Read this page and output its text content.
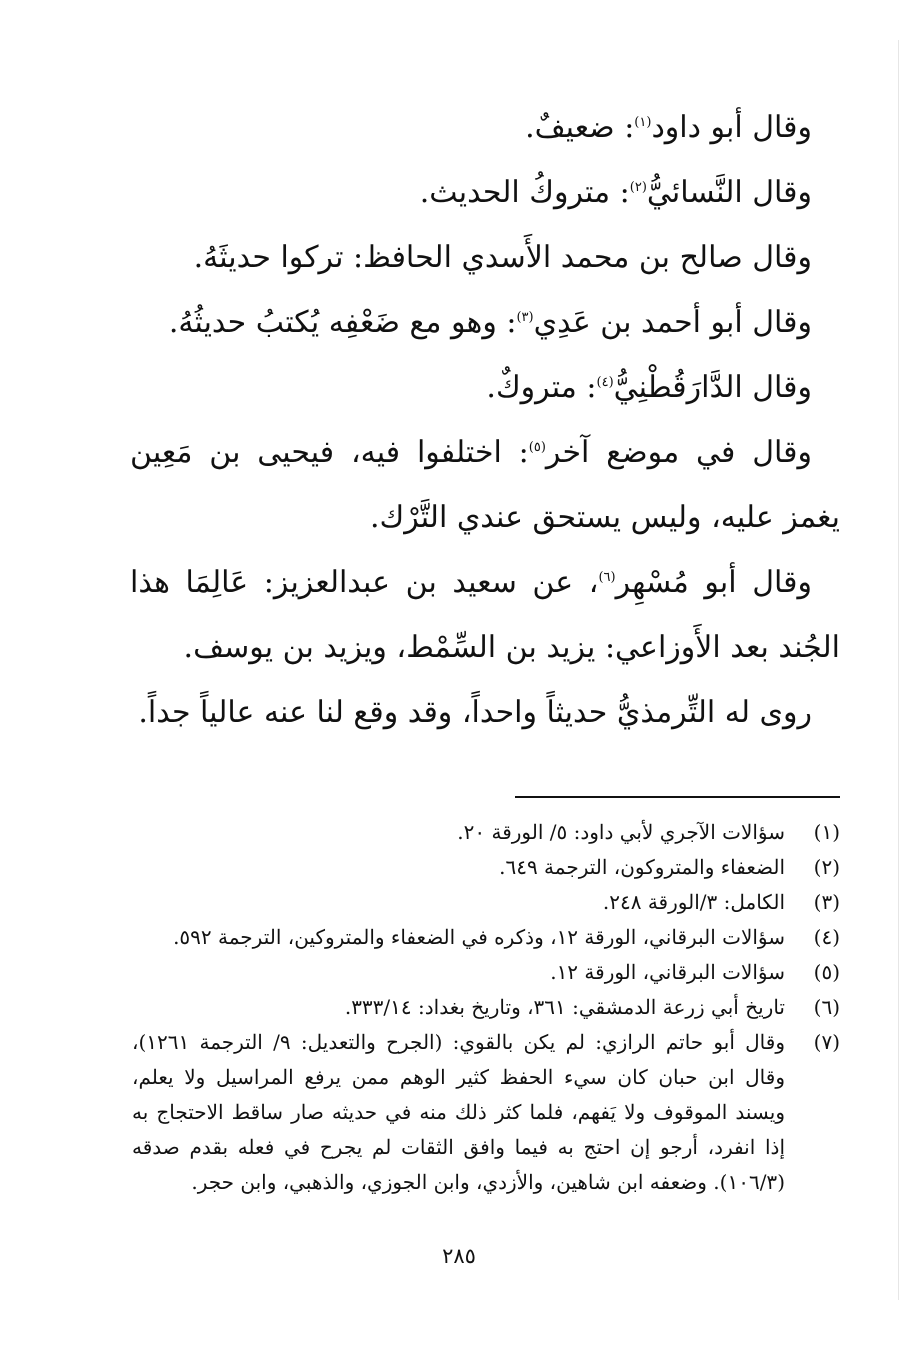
وقال أبو داود$^{(١)}$: ضعيفٌ.

وقال النَّسائيُّ$^{(٢)}$: متروكُ الحديث.

وقال صالح بن محمد الأَسدي الحافظ: تركوا حديثَهُ.

وقال أبو أحمد بن عَدِي$^{(٣)}$: وهو مع ضَعْفِه يُكتبُ حديثُهُ.

وقال الدَّارَقُطْنِيُّ$^{(٤)}$: متروكٌ.

وقال في موضع آخر$^{(٥)}$: اختلفوا فيه، فيحيى بن مَعِين يغمز عليه، وليس يستحق عندي التَّرْك.

وقال أبو مُسْهِر$^{(٦)}$، عن سعيد بن عبدالعزيز: عَالِمَا هذا الجُند بعد الأَوزاعي: يزيد بن السِّمْط، ويزيد بن يوسف.

روى له التِّرمذيُّ حديثاً واحداً، وقد وقع لنا عنه عالياً جداً.

(١)
سؤالات الآجري لأبي داود: ٥/ الورقة ٢٠.
(٢)
الضعفاء والمتروكون، الترجمة ٦٤٩.
(٣)
الكامل: ٣/الورقة ٢٤٨.
(٤)
سؤالات البرقاني، الورقة ١٢، وذكره في الضعفاء والمتروكين، الترجمة ٥٩٢.
(٥)
سؤالات البرقاني، الورقة ١٢.
(٦)
تاريخ أبي زرعة الدمشقي: ٣٦١، وتاريخ بغداد: ٣٣٣/١٤.
(٧)
وقال أبو حاتم الرازي: لم يكن بالقوي: (الجرح والتعديل: ٩/ الترجمة ١٢٦١)، وقال ابن حبان كان سيء الحفظ كثير الوهم ممن يرفع المراسيل ولا يعلم، ويسند الموقوف ولا يَفهم، فلما كثر ذلك منه في حديثه صار ساقط الاحتجاج به إذا انفرد، أرجو إن احتج به فيما وافق الثقات لم يجرح في فعله بقدم صدقه (١٠٦/٣). وضعفه ابن شاهين، والأزدي، وابن الجوزي، والذهبي، وابن حجر.
٢٨٥
